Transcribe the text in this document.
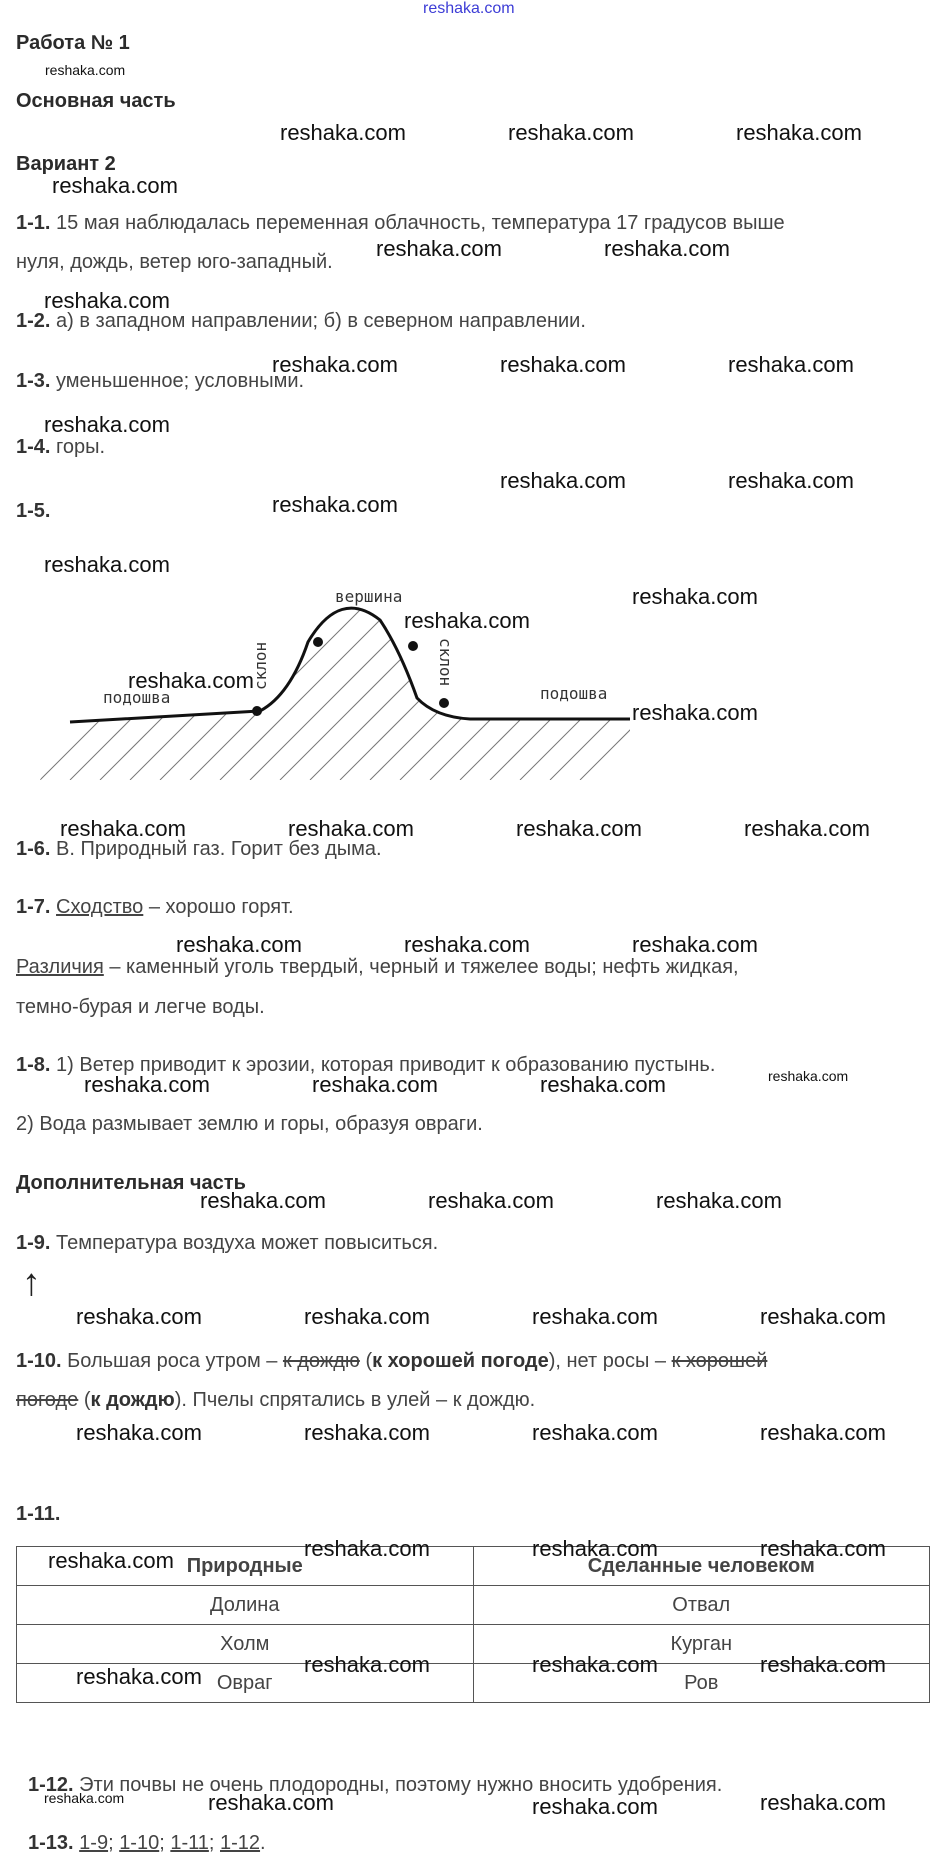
reshaka.com
Работа № 1
Основная часть
Вариант 2
1-1. 15 мая наблюдалась переменная облачность, температура 17 градусов выше
нуля, дождь, ветер юго-западный.
1-2. а) в западном направлении; б) в северном направлении.
1-3. уменьшенное; условными.
1-4. горы.
1-5.
вершина
подошва	подошва
склон	склон
1-6. В. Природный газ. Горит без дыма.
1-7. Сходство – хорошо горят.
Различия – каменный уголь твердый, черный и тяжелее воды; нефть жидкая,
темно-бурая и легче воды.
1-8. 1) Ветер приводит к эрозии, которая приводит к образованию пустынь.
2) Вода размывает землю и горы, образуя овраги.
Дополнительная часть
1-9. Температура воздуха может повыситься.
↑
1-10. Большая роса утром – к дождю (к хорошей погоде), нет росы – к хорошей
погоде (к дождю). Пчелы спрятались в улей – к дождю.
1-11.
Природные	Сделанные человеком
Долина	Отвал
Холм	Курган
Овраг	Ров
1-12. Эти почвы не очень плодородны, поэтому нужно вносить удобрения.
1-13. 1-9; 1-10; 1-11; 1-12.
reshaka.com
reshaka.com	reshaka.com	reshaka.com
reshaka.com
reshaka.com	reshaka.com
reshaka.com
reshaka.com	reshaka.com	reshaka.com
reshaka.com
reshaka.com	reshaka.com
reshaka.com
reshaka.com
reshaka.com
reshaka.com
reshaka.com
reshaka.com
reshaka.com	reshaka.com	reshaka.com	reshaka.com
reshaka.com	reshaka.com	reshaka.com
reshaka.com	reshaka.com	reshaka.com	reshaka.com
reshaka.com	reshaka.com	reshaka.com
reshaka.com	reshaka.com	reshaka.com	reshaka.com
reshaka.com	reshaka.com	reshaka.com	reshaka.com
reshaka.com	reshaka.com	reshaka.com
reshaka.com
reshaka.com	reshaka.com	reshaka.com
reshaka.com
reshaka.com	reshaka.com	reshaka.com	reshaka.com
